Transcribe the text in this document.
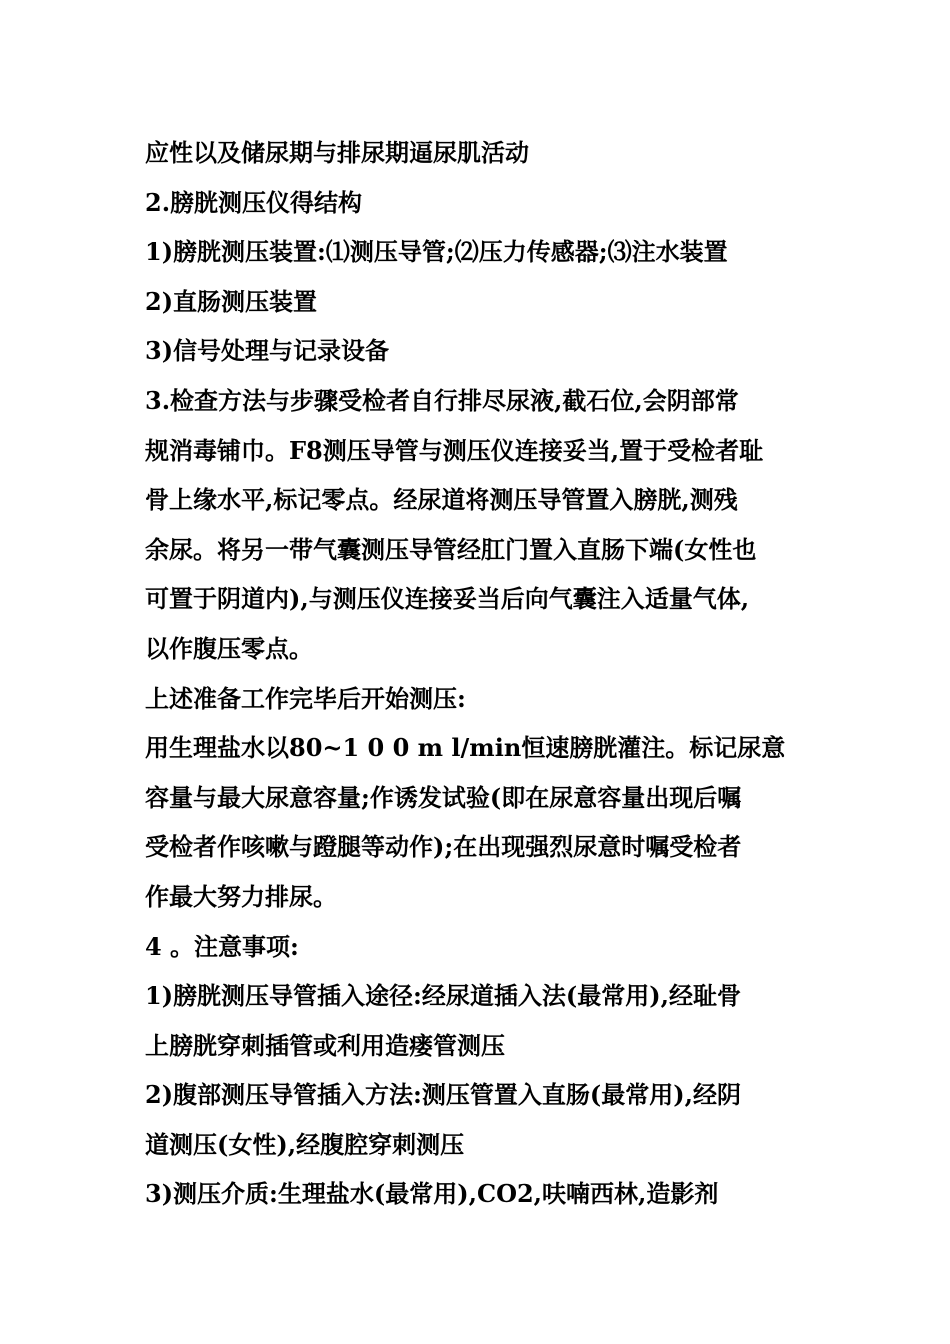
应性以及储尿期与排尿期逼尿肌活动

2.膀胱测压仪得结构

1)膀胱测压装置:⑴测压导管;⑵压力传感器;⑶注水装置

2)直肠测压装置

3)信号处理与记录设备

3.检查方法与步骤受检者自行排尽尿液,截石位,会阴部常

规消毒铺巾。F8测压导管与测压仪连接妥当,置于受检者耻

骨上缘水平,标记零点。经尿道将测压导管置入膀胱,测残

余尿。将另一带气囊测压导管经肛门置入直肠下端(女性也

可置于阴道内),与测压仪连接妥当后向气囊注入适量气体,

以作腹压零点。

上述准备工作完毕后开始测压:

用生理盐水以80~1 0 0 m l/min恒速膀胱灌注。标记尿意

容量与最大尿意容量;作诱发试验(即在尿意容量出现后嘱

受检者作咳嗽与蹬腿等动作);在出现强烈尿意时嘱受检者

作最大努力排尿。

4 。注意事项:

1)膀胱测压导管插入途径:经尿道插入法(最常用),经耻骨

上膀胱穿刺插管或利用造瘘管测压

2)腹部测压导管插入方法:测压管置入直肠(最常用),经阴

道测压(女性),经腹腔穿刺测压

3)测压介质:生理盐水(最常用),CO2,呋喃西林,造影剂
